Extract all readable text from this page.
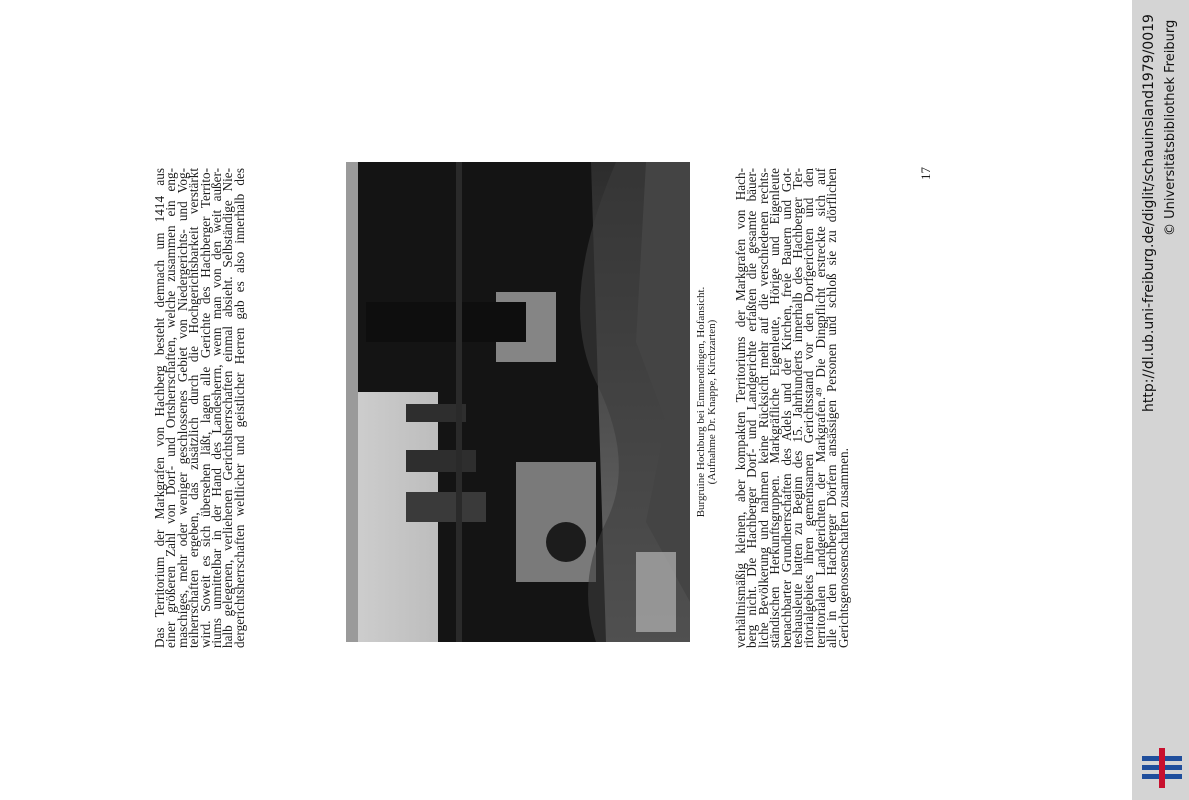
Das Territorium der Markgrafen von Hachberg besteht demnach um 1414 aus
einer größeren Zahl von Dorf- und Ortsherrschaften, welche zusammen ein eng-
maschiges, mehr oder weniger geschlossenes Gebiet von Niedergerichts- und Vog-
teiherrschaften ergeben, das zusätzlich durch die Hochgerichtsbarkeit verstärkt
wird. Soweit es sich übersehen läßt, lagen alle Gerichte des Hachberger Territo-
riums unmittelbar in der Hand des Landesherrn, wenn man von den weit außer-
halb gelegenen, verliehenen Gerichtsherrschaften einmal absieht. Selbständige Nie-
dergerichtsherrschaften weltlicher und geistlicher Herren gab es also innerhalb des	Burgruine Hochburg bei Emmendingen, Hofansicht. (Aufnahme Dr. Knappe, Kirchzarten) verhältnismäßig kleinen, aber kompakten Territoriums der Markgrafen von Hach-
berg nicht. Die Hachberger Dorf- und Landgerichte erfaßten die gesamte bäuer-
liche Bevölkerung und nahmen keine Rücksicht mehr auf die verschiedenen rechts-
ständischen Herkunftsgruppen. Markgräfliche Eigenleute, Hörige und Eigenleute
benachbarter Grundherrschaften des Adels und der Kirchen, freie Bauern und Got-
teshausleute hatten zu Beginn des 15. Jahrhunderts innerhalb des Hachberger Ter-
ritorialgebiets ihren gemeinsamen Gerichtsstand vor den Dorfgerichten und den
territorialen Landgerichten der Markgrafen.⁴⁹ Die Dingpflicht erstreckte sich auf
alle in den Hachberger Dörfern ansässigen Personen und schloß sie zu dörflichen
Gerichtsgenossenschaften zusammen.
17	http://dl.ub.uni-freiburg.de/diglit/schauinsland1979/0019 © Universitätsbibliothek Freiburg
